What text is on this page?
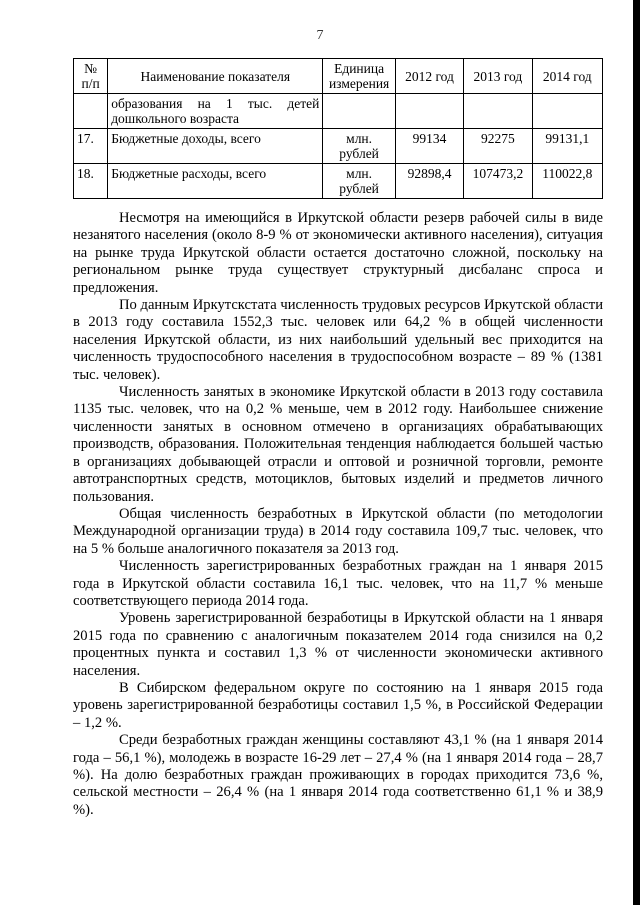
7
№ п/п	Наименование показателя	Единица измерения	2012 год	2013 год	2014 год
	образования на 1 тыс. детей дошкольного возраста				
17.	Бюджетные доходы, всего	млн. рублей	99134	92275	99131,1
18.	Бюджетные расходы, всего	млн. рублей	92898,4	107473,2	110022,8

Несмотря на имеющийся в Иркутской области резерв рабочей силы в виде незанятого населения (около 8-9 % от экономически активного населения), ситуация на рынке труда Иркутской области остается достаточно сложной, поскольку на региональном рынке труда существует структурный дисбаланс спроса и предложения.

По данным Иркутскстата численность трудовых ресурсов Иркутской области в 2013 году составила 1552,3 тыс. человек или 64,2 % в общей численности населения Иркутской области, из них наибольший удельный вес приходится на численность трудоспособного населения в трудоспособном возрасте – 89 % (1381 тыс. человек).

Численность занятых в экономике Иркутской области в 2013 году составила 1135 тыс. человек, что на 0,2 % меньше, чем в 2012 году. Наибольшее снижение численности занятых в основном отмечено в организациях обрабатывающих производств, образования. Положительная тенденция наблюдается большей частью в организациях добывающей отрасли и оптовой и розничной торговли, ремонте автотранспортных средств, мотоциклов, бытовых изделий и предметов личного пользования.

Общая численность безработных в Иркутской области (по методологии Международной организации труда) в 2014 году составила 109,7 тыс. человек, что на 5 % больше аналогичного показателя за 2013 год.

Численность зарегистрированных безработных граждан на 1 января 2015 года в Иркутской области составила 16,1 тыс. человек, что на 11,7 % меньше соответствующего периода 2014 года.

Уровень зарегистрированной безработицы в Иркутской области на 1 января 2015 года по сравнению с аналогичным показателем 2014 года снизился на 0,2 процентных пункта и составил 1,3 % от численности экономически активного населения.

В Сибирском федеральном округе по состоянию на 1 января 2015 года уровень зарегистрированной безработицы составил 1,5 %, в Российской Федерации – 1,2 %.

Среди безработных граждан женщины составляют 43,1 % (на 1 января 2014 года – 56,1 %), молодежь в возрасте 16-29 лет – 27,4 % (на 1 января 2014 года – 28,7 %). На долю безработных граждан проживающих в городах приходится 73,6 %, сельской местности – 26,4 % (на 1 января 2014 года соответственно 61,1 % и 38,9 %).
